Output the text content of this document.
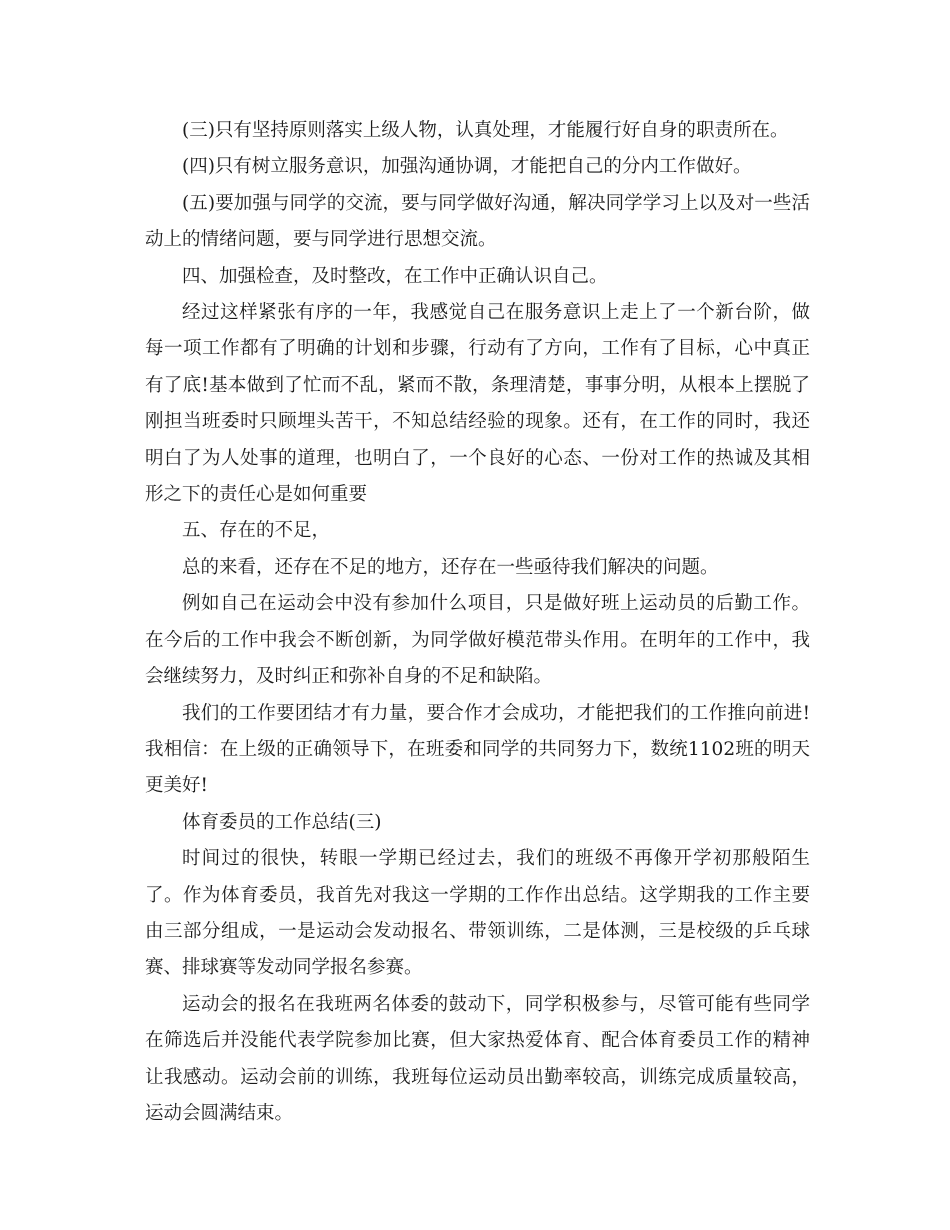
(三)只有坚持原则落实上级人物，认真处理，才能履行好自身的职责所在。

(四)只有树立服务意识，加强沟通协调，才能把自己的分内工作做好。

(五)要加强与同学的交流，要与同学做好沟通，解决同学学习上以及对一些活动上的情绪问题，要与同学进行思想交流。

四、加强检查，及时整改，在工作中正确认识自己。

经过这样紧张有序的一年，我感觉自己在服务意识上走上了一个新台阶，做每一项工作都有了明确的计划和步骤，行动有了方向，工作有了目标，心中真正有了底!基本做到了忙而不乱，紧而不散，条理清楚，事事分明，从根本上摆脱了刚担当班委时只顾埋头苦干，不知总结经验的现象。还有，在工作的同时，我还明白了为人处事的道理，也明白了，一个良好的心态、一份对工作的热诚及其相形之下的责任心是如何重要

五、存在的不足，

总的来看，还存在不足的地方，还存在一些亟待我们解决的问题。

例如自己在运动会中没有参加什么项目，只是做好班上运动员的后勤工作。在今后的工作中我会不断创新，为同学做好模范带头作用。在明年的工作中，我会继续努力，及时纠正和弥补自身的不足和缺陷。

我们的工作要团结才有力量，要合作才会成功，才能把我们的工作推向前进!我相信：在上级的正确领导下，在班委和同学的共同努力下，数统1102班的明天更美好!

体育委员的工作总结(三)

时间过的很快，转眼一学期已经过去，我们的班级不再像开学初那般陌生了。作为体育委员，我首先对我这一学期的工作作出总结。这学期我的工作主要由三部分组成，一是运动会发动报名、带领训练，二是体测，三是校级的乒乓球赛、排球赛等发动同学报名参赛。

运动会的报名在我班两名体委的鼓动下，同学积极参与，尽管可能有些同学在筛选后并没能代表学院参加比赛，但大家热爱体育、配合体育委员工作的精神让我感动。运动会前的训练，我班每位运动员出勤率较高，训练完成质量较高，运动会圆满结束。
